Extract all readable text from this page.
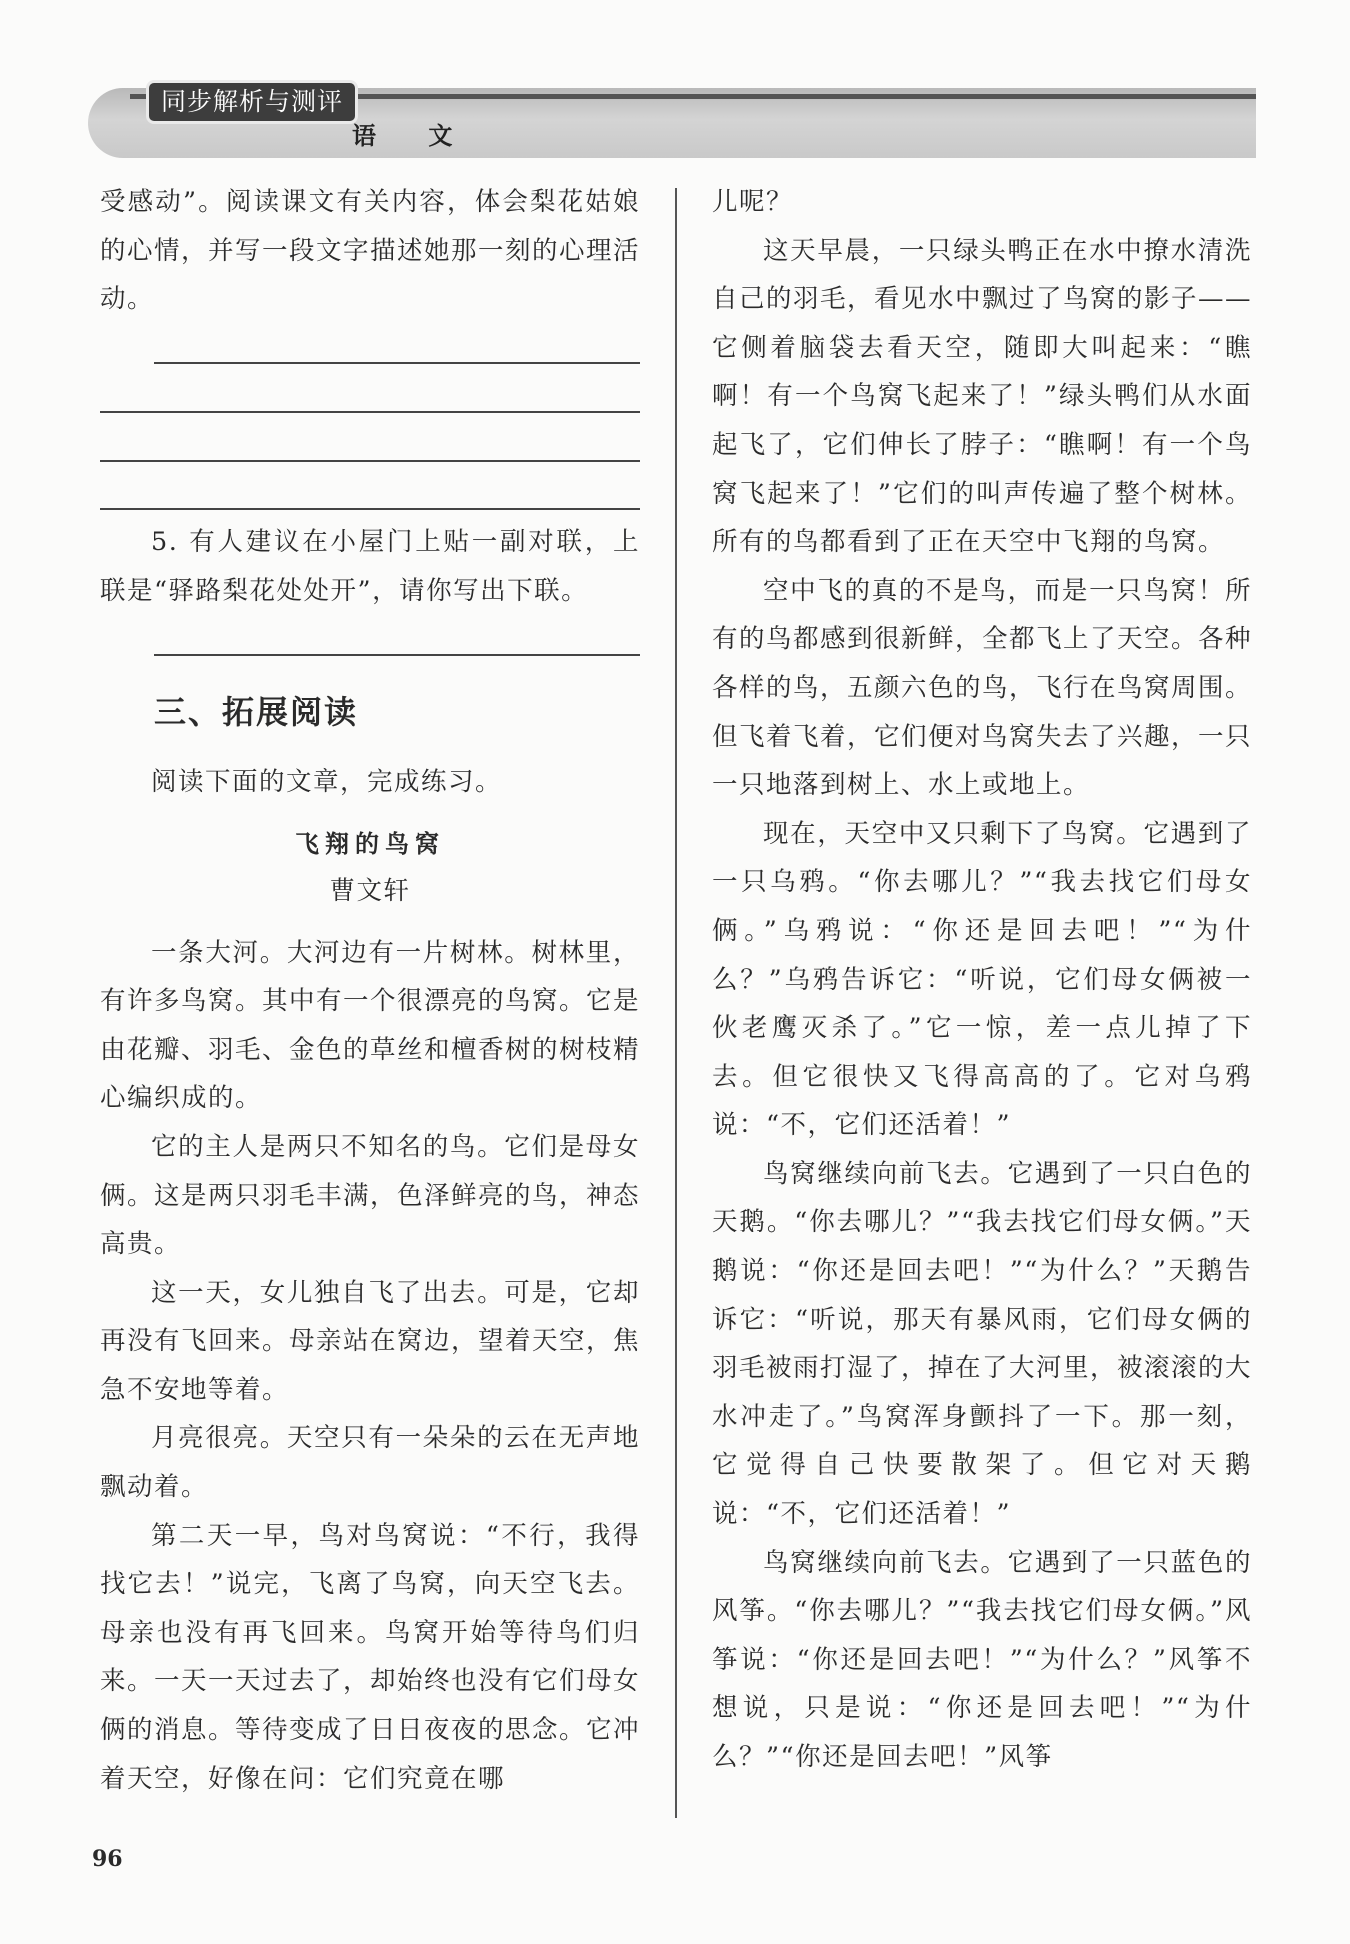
同步解析与测评
语 文

受感动”。阅读课文有关内容，体会梨花姑娘的心情，并写一段文字描述她那一刻的心理活动。

5. 有人建议在小屋门上贴一副对联，上联是“驿路梨花处处开”，请你写出下联。

三、拓展阅读

阅读下面的文章，完成练习。

飞翔的鸟窝

曹文轩

一条大河。大河边有一片树林。树林里，有许多鸟窝。其中有一个很漂亮的鸟窝。它是由花瓣、羽毛、金色的草丝和檀香树的树枝精心编织成的。

它的主人是两只不知名的鸟。它们是母女俩。这是两只羽毛丰满，色泽鲜亮的鸟，神态高贵。

这一天，女儿独自飞了出去。可是，它却再没有飞回来。母亲站在窝边，望着天空，焦急不安地等着。

月亮很亮。天空只有一朵朵的云在无声地飘动着。

第二天一早，鸟对鸟窝说：“不行，我得找它去！”说完，飞离了鸟窝，向天空飞去。母亲也没有再飞回来。鸟窝开始等待鸟们归来。一天一天过去了，却始终也没有它们母女俩的消息。等待变成了日日夜夜的思念。它冲着天空，好像在问：它们究竟在哪

儿呢？

这天早晨，一只绿头鸭正在水中撩水清洗自己的羽毛，看见水中飘过了鸟窝的影子——它侧着脑袋去看天空，随即大叫起来：“瞧啊！有一个鸟窝飞起来了！”绿头鸭们从水面起飞了，它们伸长了脖子：“瞧啊！有一个鸟窝飞起来了！”它们的叫声传遍了整个树林。所有的鸟都看到了正在天空中飞翔的鸟窝。

空中飞的真的不是鸟，而是一只鸟窝！所有的鸟都感到很新鲜，全都飞上了天空。各种各样的鸟，五颜六色的鸟，飞行在鸟窝周围。但飞着飞着，它们便对鸟窝失去了兴趣，一只一只地落到树上、水上或地上。

现在，天空中又只剩下了鸟窝。它遇到了一只乌鸦。“你去哪儿？”“我去找它们母女俩。”乌鸦说：“你还是回去吧！”“为什么？”乌鸦告诉它：“听说，它们母女俩被一伙老鹰灭杀了。”它一惊，差一点儿掉了下去。但它很快又飞得高高的了。它对乌鸦说：“不，它们还活着！”

鸟窝继续向前飞去。它遇到了一只白色的天鹅。“你去哪儿？”“我去找它们母女俩。”天鹅说：“你还是回去吧！”“为什么？”天鹅告诉它：“听说，那天有暴风雨，它们母女俩的羽毛被雨打湿了，掉在了大河里，被滚滚的大水冲走了。”鸟窝浑身颤抖了一下。那一刻，它觉得自己快要散架了。但它对天鹅说：“不，它们还活着！”

鸟窝继续向前飞去。它遇到了一只蓝色的风筝。“你去哪儿？”“我去找它们母女俩。”风筝说：“你还是回去吧！”“为什么？”风筝不想说，只是说：“你还是回去吧！”“为什么？”“你还是回去吧！”风筝

96
